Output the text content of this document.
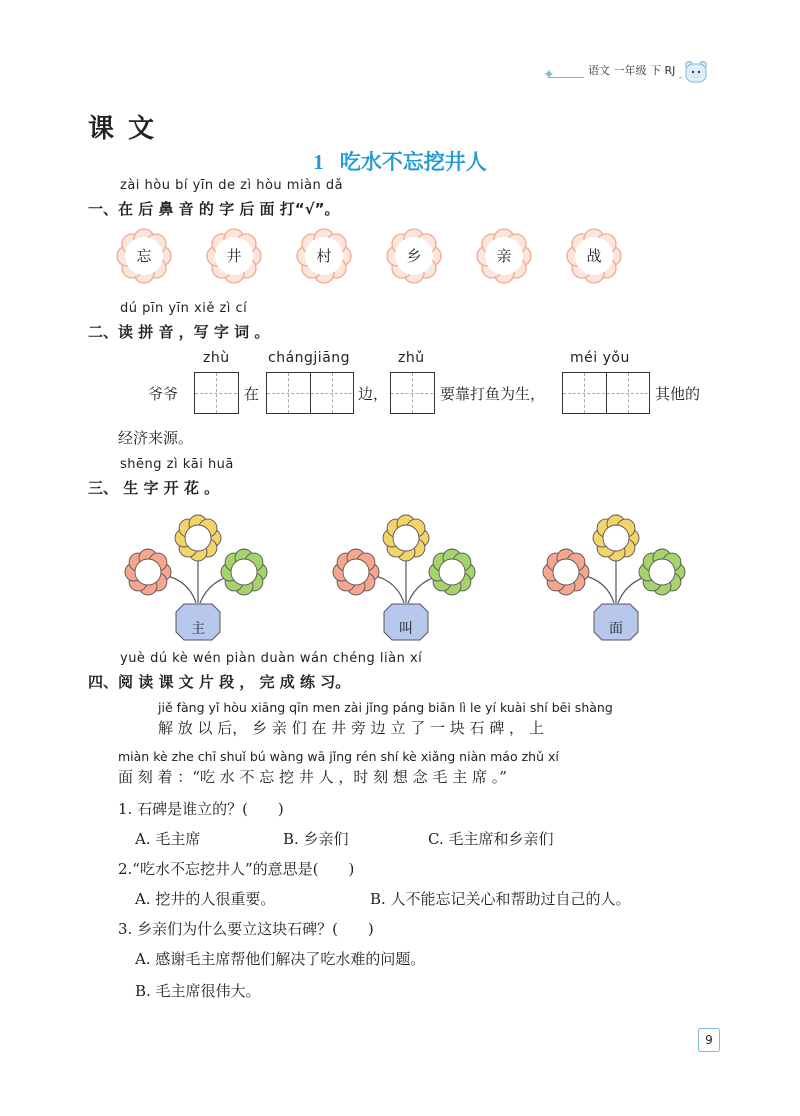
✦	语文 一年级 下 RJ
课文
1 吃水不忘挖井人
zài hòu bí yīn de zì hòu miàn dǎ
一、在 后 鼻 音 的 字 后 面 打“√”。
忘	井	村	乡	亲	战
dú pīn yīn xiě zì cí
二、读 拼 音 ，写 字 词 。
zhù	chángjiāng	zhǔ	méi yǒu
爷爷	在	边，	要靠打鱼为生，	其他的
经济来源。
shēng zì kāi huā
三、 生 字 开 花 。
主	叫	面
yuè dú kè wén piàn duàn wán chéng liàn xí
四、阅 读 课 文 片 段 ， 完 成 练 习。
jiě fàng yǐ hòu xiāng qīn men zài jǐng páng biān lì le yí kuài shí bēi shàng
解 放 以 后， 乡 亲 们 在 井 旁 边 立 了 一 块 石 碑 ， 上
miàn kè zhe chī shuǐ bú wàng wā jǐng rén shí kè xiǎng niàn máo zhǔ xí
面 刻 着 ：“吃 水 不 忘 挖 井 人 ，时 刻 想 念 毛 主 席 。”
1. 石碑是谁立的？(　　)
A. 毛主席	B. 乡亲们	C. 毛主席和乡亲们
2.“吃水不忘挖井人”的意思是(　　)
A. 挖井的人很重要。	B. 人不能忘记关心和帮助过自己的人。
3. 乡亲们为什么要立这块石碑？(　　)
A. 感谢毛主席帮他们解决了吃水难的问题。
B. 毛主席很伟大。
9
